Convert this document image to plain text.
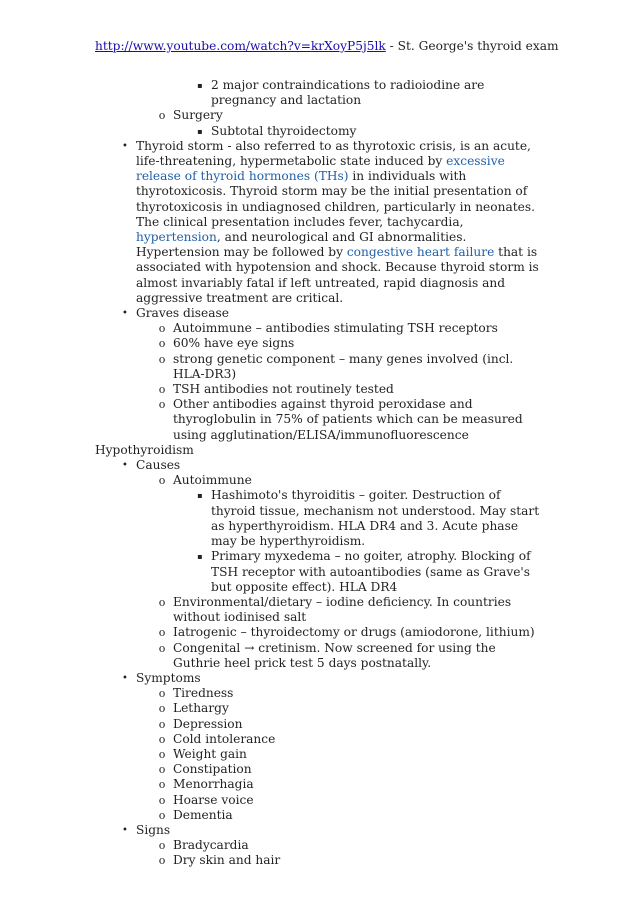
http://www.youtube.com/watch?v=krXoyP5j5lk - St. George's thyroid exam
▪ 2 major contraindications to radioiodine are pregnancy and lactation
o Surgery
▪ Subtotal thyroidectomy
• Thyroid storm - also referred to as thyrotoxic crisis, is an acute, life-threatening, hypermetabolic state induced by excessive release of thyroid hormones (THs) in individuals with thyrotoxicosis. Thyroid storm may be the initial presentation of thyrotoxicosis in undiagnosed children, particularly in neonates. The clinical presentation includes fever, tachycardia, hypertension, and neurological and GI abnormalities. Hypertension may be followed by congestive heart failure that is associated with hypotension and shock. Because thyroid storm is almost invariably fatal if left untreated, rapid diagnosis and aggressive treatment are critical.
• Graves disease
o Autoimmune – antibodies stimulating TSH receptors
o 60% have eye signs
o strong genetic component – many genes involved (incl. HLA-DR3)
o TSH antibodies not routinely tested
o Other antibodies against thyroid peroxidase and thyroglobulin in 75% of patients which can be measured using agglutination/ELISA/immunofluorescence
Hypothyroidism
• Causes
o Autoimmune
▪ Hashimoto's thyroiditis – goiter. Destruction of thyroid tissue, mechanism not understood. May start as hyperthyroidism. HLA DR4 and 3. Acute phase may be hyperthyroidism.
▪ Primary myxedema – no goiter, atrophy. Blocking of TSH receptor with autoantibodies (same as Grave's but opposite effect). HLA DR4
o Environmental/dietary – iodine deficiency. In countries without iodinised salt
o Iatrogenic – thyroidectomy or drugs (amiodorone, lithium)
o Congenital → cretinism. Now screened for using the Guthrie heel prick test 5 days postnatally.
• Symptoms
o Tiredness
o Lethargy
o Depression
o Cold intolerance
o Weight gain
o Constipation
o Menorrhagia
o Hoarse voice
o Dementia
• Signs
o Bradycardia
o Dry skin and hair
